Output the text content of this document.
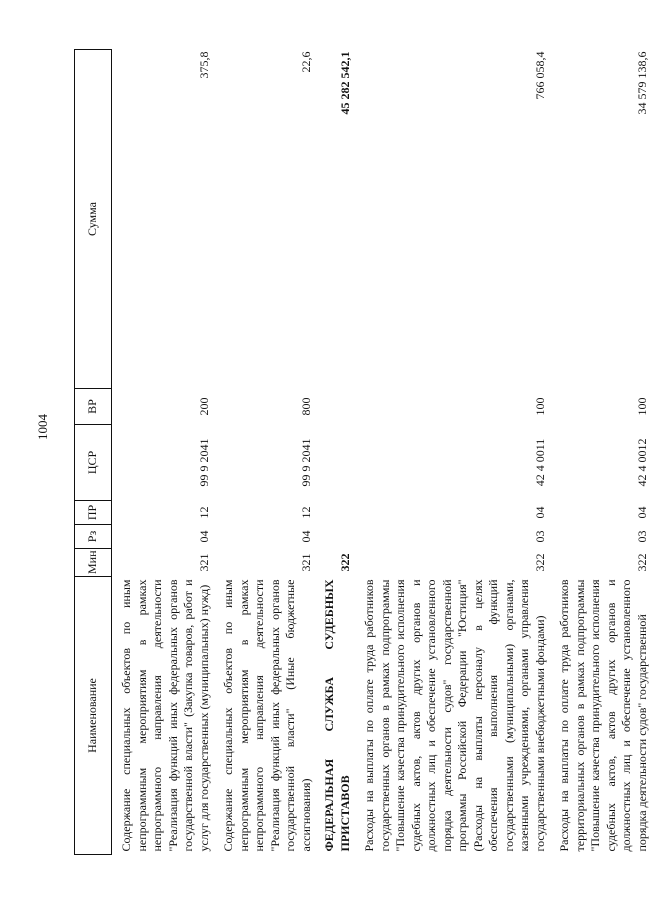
1004
Наименование	Мин	Рз	ПР	ЦСР	ВР	Сумма
Содержание специальных объектов по иным непрограммным мероприятиям в рамках непрограммного направления деятельности "Реализация функций иных федеральных органов государственной власти" (Закупка товаров, работ и услуг для государственных (муниципальных) нужд)	321	04	12	99 9 2041	200	375,8
Содержание специальных объектов по иным непрограммным мероприятиям в рамках непрограммного направления деятельности "Реализация функций иных федеральных органов государственной власти" (Иные бюджетные ассигнования)	321	04	12	99 9 2041	800	22,6
ФЕДЕРАЛЬНАЯ СЛУЖБА СУДЕБНЫХ ПРИСТАВОВ	322					45 282 542,1
Расходы на выплаты по оплате труда работников государственных органов в рамках подпрограммы "Повышение качества принудительного исполнения судебных актов, актов других органов и должностных лиц и обеспечение установленного порядка деятельности судов" государственной программы Российской Федерации "Юстиция" (Расходы на выплаты персоналу в целях обеспечения выполнения функций государственными (муниципальными) органами, казенными учреждениями, органами управления государственными внебюджетными фондами)	322	03	04	42 4 0011	100	766 058,4
Расходы на выплаты по оплате труда работников территориальных органов в рамках подпрограммы "Повышение качества принудительного исполнения судебных актов, актов других органов и должностных лиц и обеспечение установленного порядка деятельности судов" государственной	322	03	04	42 4 0012	100	34 579 138,6
